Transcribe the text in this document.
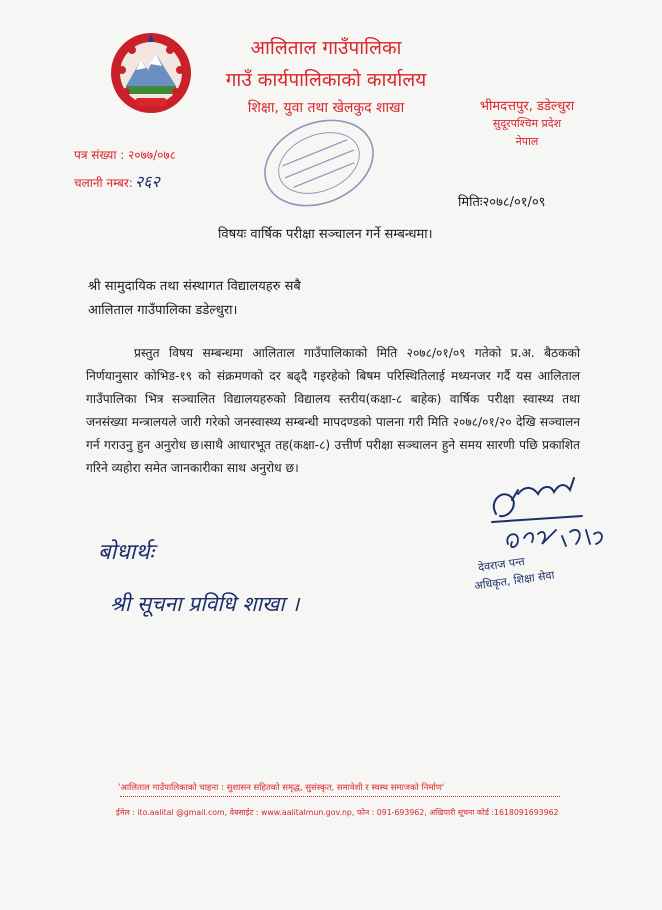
आलिताल गाउँपालिका
गाउँ कार्यपालिकाको कार्यालय
शिक्षा, युवा तथा खेलकुद शाखा	भीमदत्तपुर, डडेल्धुरा
सुदूरपश्चिम प्रदेश
नेपाल
पत्र संख्या : २०७७/०७८
चलानी नम्बर: २६२
मितिः२०७८/०१/०९
विषयः वार्षिक परीक्षा सञ्चालन गर्ने सम्बन्धमा।
श्री सामुदायिक तथा संस्थागत विद्यालयहरु सबै
आलिताल गाउँपालिका डडेल्धुरा।
प्रस्तुत विषय सम्बन्धमा आलिताल गाउँपालिकाको मिति २०७८/०१/०९ गतेको प्र.अ. बैठकको निर्णयानुसार कोभिड-१९ को संक्रमणको दर बढ्दै गइरहेको बिषम परिस्थितिलाई मध्यनजर गर्दै यस आलिताल गाउँपालिका भित्र सञ्चालित विद्यालयहरुको विद्यालय स्तरीय(कक्षा-८ बाहेक) वार्षिक परीक्षा स्वास्थ्य तथा जनसंख्या मन्त्रालयले जारी गरेको जनस्वास्थ्य सम्बन्धी मापदण्डको पालना गरी मिति २०७८/०१/२० देखि सञ्चालन गर्न गराउनु हुन अनुरोध छ।साथै आधारभूत तह(कक्षा-८) उत्तीर्ण परीक्षा सञ्चालन हुने समय सारणी पछि प्रकाशित गरिने व्यहोरा समेत जानकारीका साथ अनुरोध छ।
देवराज पन्त
अधिकृत, शिक्षा सेवा
बोधार्थः
श्री सूचना प्रविधि शाखा ।
'आलिताल गाउँपालिकाको चाहना : सुशासन सहितको समृद्ध, सुसंस्कृत, समावेशी र स्वस्थ समाजको निर्माण'
ईमेल : ito.aalital @gmail.com, वेबसाईट : www.aalitalmun.gov.np, फोन : 091-693962, अखिपारी सूचना कोर्ड :16180916939​62
